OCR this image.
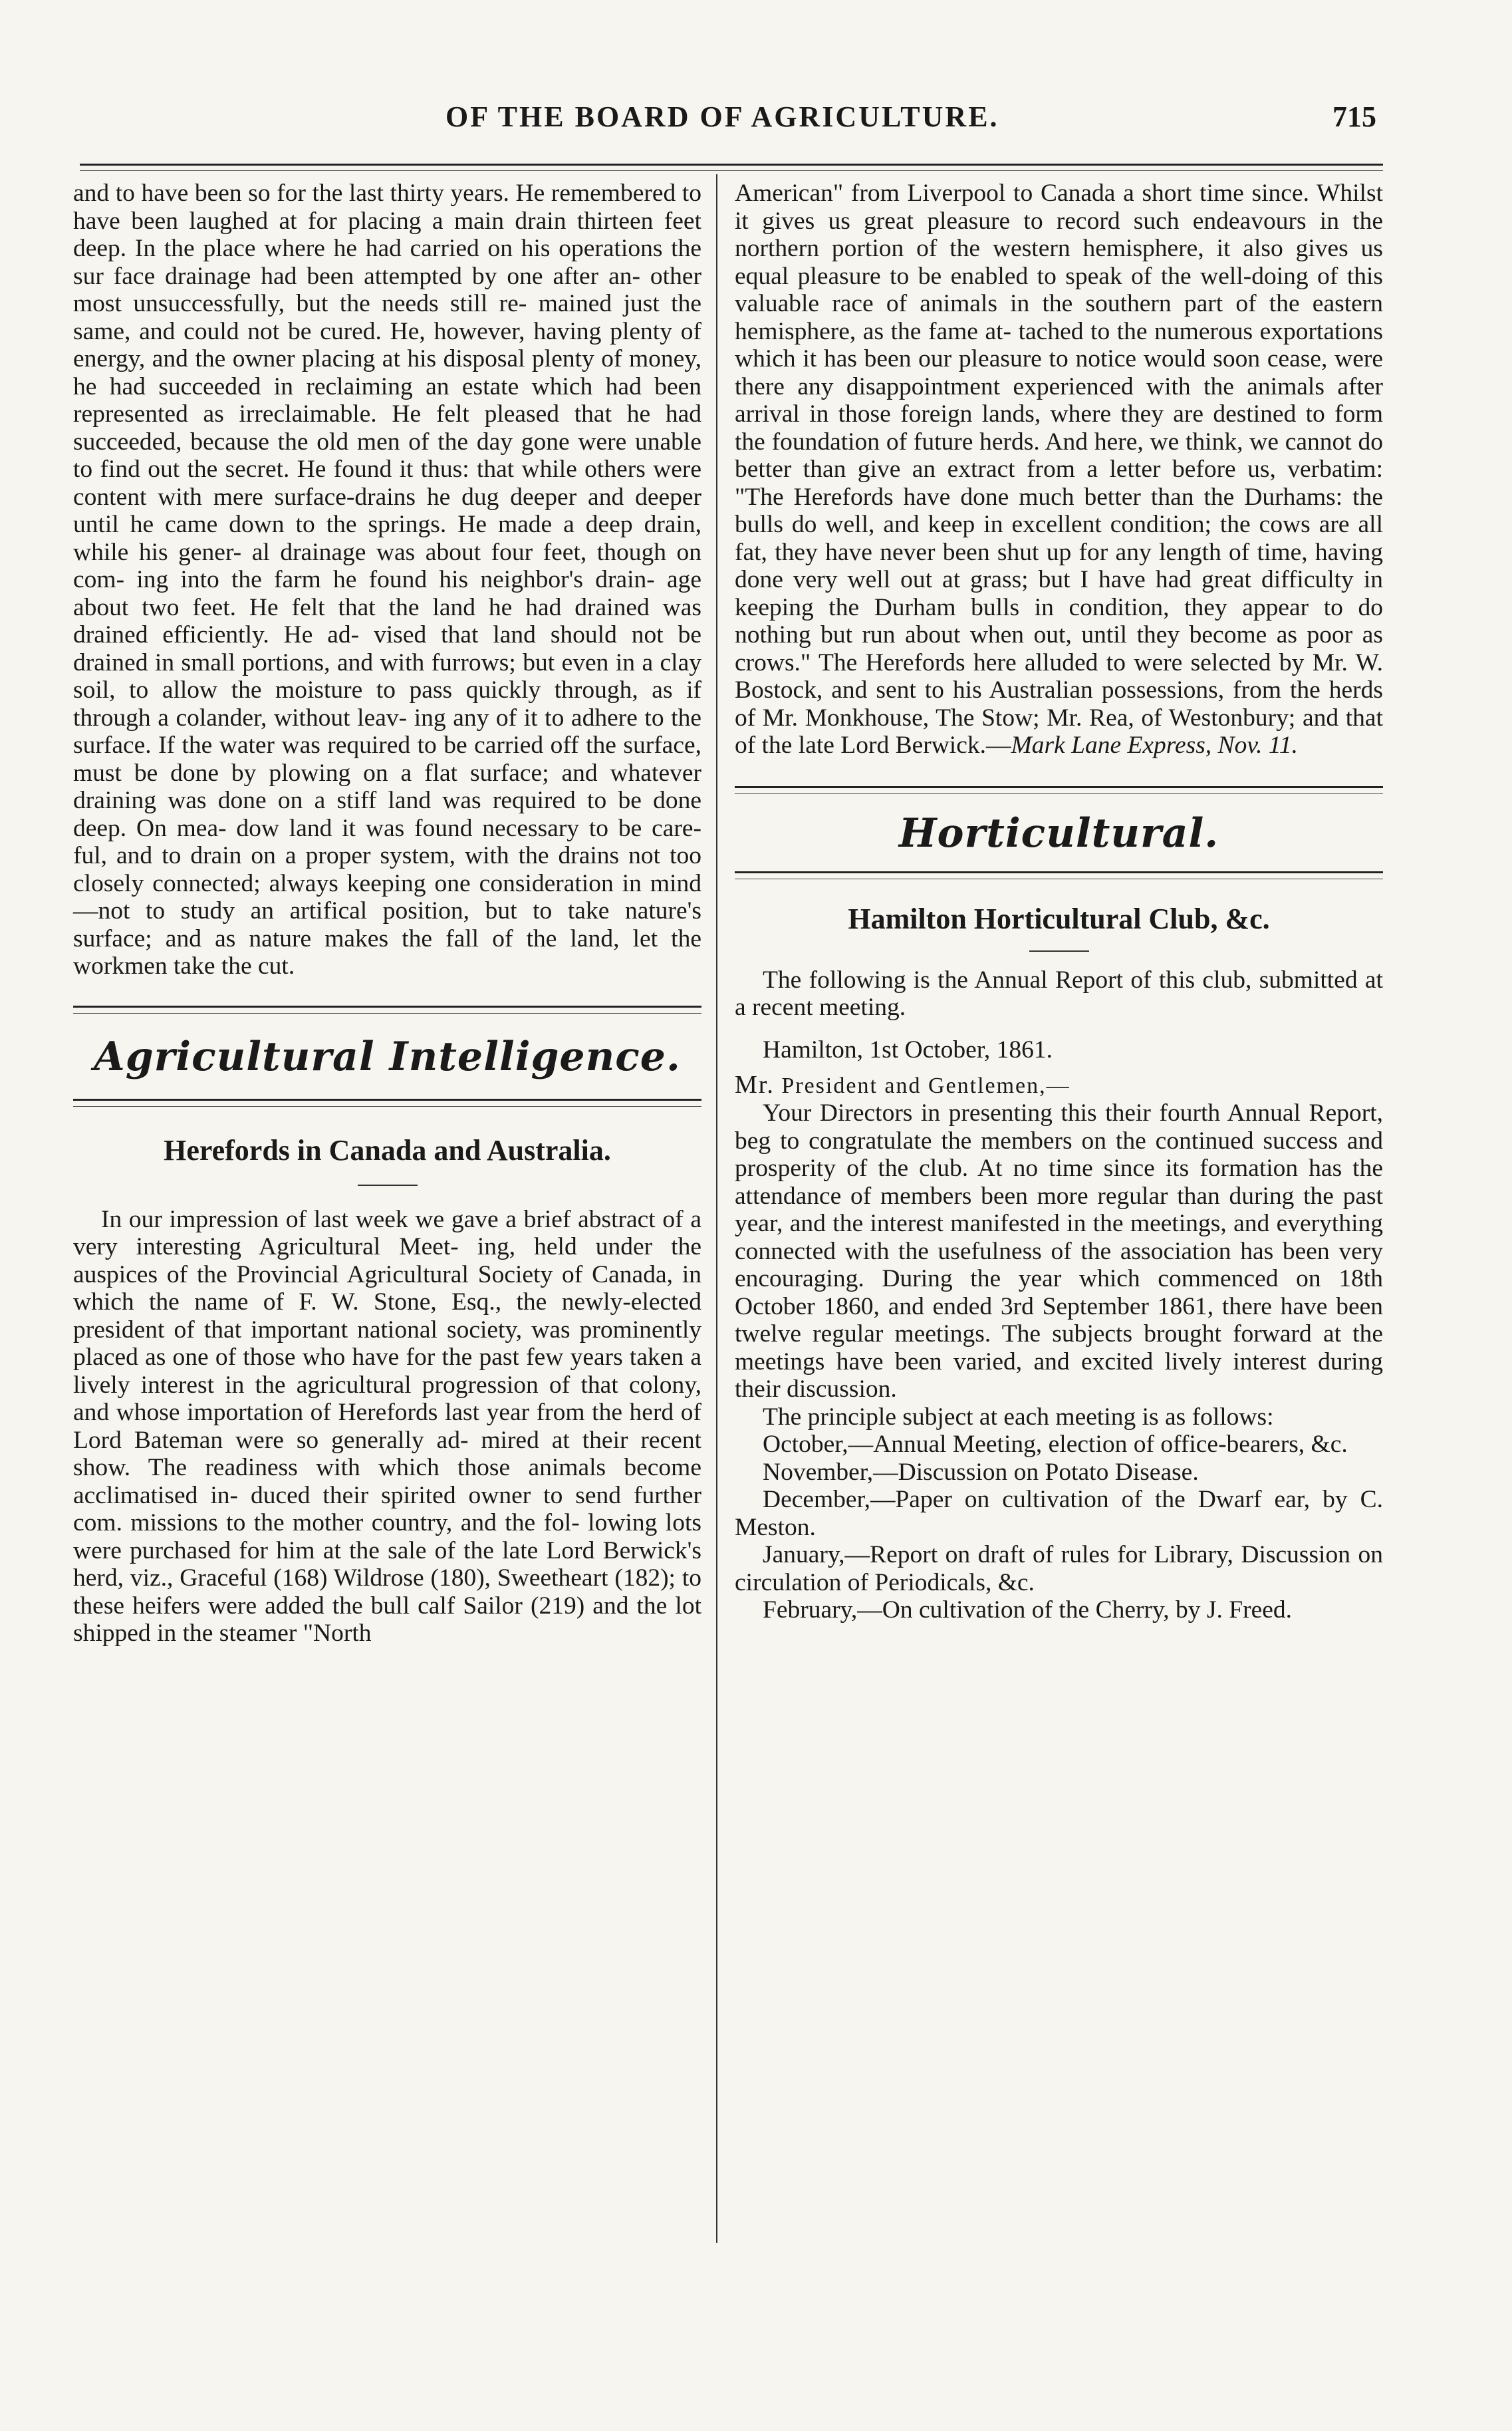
OF THE BOARD OF AGRICULTURE.	715

and to have been so for the last thirty years. He remembered to have been laughed at for placing a main drain thirteen feet deep. In the place where he had carried on his operations the sur face drainage had been attempted by one after an- other most unsuccessfully, but the needs still re- mained just the same, and could not be cured. He, however, having plenty of energy, and the owner placing at his disposal plenty of money, he had succeeded in reclaiming an estate which had been represented as irreclaimable. He felt pleased that he had succeeded, because the old men of the day gone were unable to find out the secret. He found it thus: that while others were content with mere surface-drains he dug deeper and deeper until he came down to the springs. He made a deep drain, while his gener- al drainage was about four feet, though on com- ing into the farm he found his neighbor's drain- age about two feet. He felt that the land he had drained was drained efficiently. He ad- vised that land should not be drained in small portions, and with furrows; but even in a clay soil, to allow the moisture to pass quickly through, as if through a colander, without leav- ing any of it to adhere to the surface. If the water was required to be carried off the surface, must be done by plowing on a flat surface; and whatever draining was done on a stiff land was required to be done deep. On mea- dow land it was found necessary to be care- ful, and to drain on a proper system, with the drains not too closely connected; always keeping one consideration in mind—not to study an artifical position, but to take nature's surface; and as nature makes the fall of the land, let the workmen take the cut.

Agricultural Intelligence.
Herefords in Canada and Australia.

In our impression of last week we gave a brief abstract of a very interesting Agricultural Meet- ing, held under the auspices of the Provincial Agricultural Society of Canada, in which the name of F. W. Stone, Esq., the newly-elected president of that important national society, was prominently placed as one of those who have for the past few years taken a lively interest in the agricultural progression of that colony, and whose importation of Herefords last year from the herd of Lord Bateman were so generally ad- mired at their recent show. The readiness with which those animals become acclimatised in- duced their spirited owner to send further com. missions to the mother country, and the fol- lowing lots were purchased for him at the sale of the late Lord Berwick's herd, viz., Graceful (168) Wildrose (180), Sweetheart (182); to these heifers were added the bull calf Sailor (219) and the lot shipped in the steamer "North

American" from Liverpool to Canada a short time since. Whilst it gives us great pleasure to record such endeavours in the northern portion of the western hemisphere, it also gives us equal pleasure to be enabled to speak of the well-doing of this valuable race of animals in the southern part of the eastern hemisphere, as the fame at- tached to the numerous exportations which it has been our pleasure to notice would soon cease, were there any disappointment experienced with the animals after arrival in those foreign lands, where they are destined to form the foundation of future herds. And here, we think, we cannot do better than give an extract from a letter before us, verbatim: "The Herefords have done much better than the Durhams: the bulls do well, and keep in excellent condition; the cows are all fat, they have never been shut up for any length of time, having done very well out at grass; but I have had great difficulty in keeping the Durham bulls in condition, they appear to do nothing but run about when out, until they become as poor as crows." The Herefords here alluded to were selected by Mr. W. Bostock, and sent to his Australian possessions, from the herds of Mr. Monkhouse, The Stow; Mr. Rea, of Westonbury; and that of the late Lord Berwick.—Mark Lane Express, Nov. 11.

Horticultural.
Hamilton Horticultural Club, &c.

The following is the Annual Report of this club, submitted at a recent meeting.

Hamilton, 1st October, 1861.

Mr. President and Gentlemen,—

Your Directors in presenting this their fourth Annual Report, beg to congratulate the members on the continued success and prosperity of the club. At no time since its formation has the attendance of members been more regular than during the past year, and the interest manifested in the meetings, and everything connected with the usefulness of the association has been very encouraging. During the year which commenced on 18th October 1860, and ended 3rd September 1861, there have been twelve regular meetings. The subjects brought forward at the meetings have been varied, and excited lively interest during their discussion.

The principle subject at each meeting is as follows:

October,—Annual Meeting, election of office-bearers, &c.

November,—Discussion on Potato Disease.

December,—Paper on cultivation of the Dwarf ear, by C. Meston.

January,—Report on draft of rules for Library, Discussion on circulation of Periodicals, &c.

February,—On cultivation of the Cherry, by J. Freed.
